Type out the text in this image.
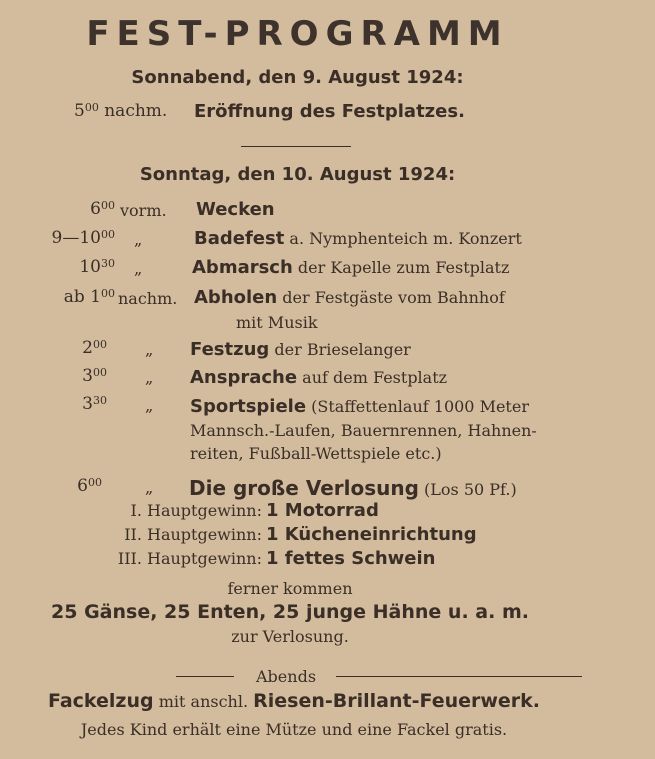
FEST-PROGRAMM
Sonnabend, den 9. August 1924:
$5^{00}$ nachm. Eröffnung des Festplatzes.
Sonntag, den 10. August 1924:
$6^{00}$ vorm. Wecken
$9—10^{00}$ „	Badefest a. Nymphenteich m. Konzert
$10^{30}$ „	Abmarsch der Kapelle zum Festplatz
ab $1^{00}$ nachm. Abholen der Festgäste vom Bahnhof
mit Musik
$2^{00}$ „ Festzug der Brieselanger
$3^{00}$ „ Ansprache auf dem Festplatz
$3^{30}$ „ Sportspiele (Staffettenlauf 1000 Meter
Mannsch.-Laufen, Bauernrennen, Hahnen-
reiten, Fußball-Wettspiele etc.)
$6^{00}$	„ Die große Verlosung (Los 50 Pf.)
I. Hauptgewinn: 1 Motorrad
II. Hauptgewinn: 1 Kücheneinrichtung
III. Hauptgewinn: 1 fettes Schwein
ferner kommen
25 Gänse, 25 Enten, 25 junge Hähne u. a. m.
zur Verlosung.
Abends
Fackelzug mit anschl. Riesen-Brillant-Feuerwerk.
Jedes Kind erhält eine Mütze und eine Fackel gratis.
